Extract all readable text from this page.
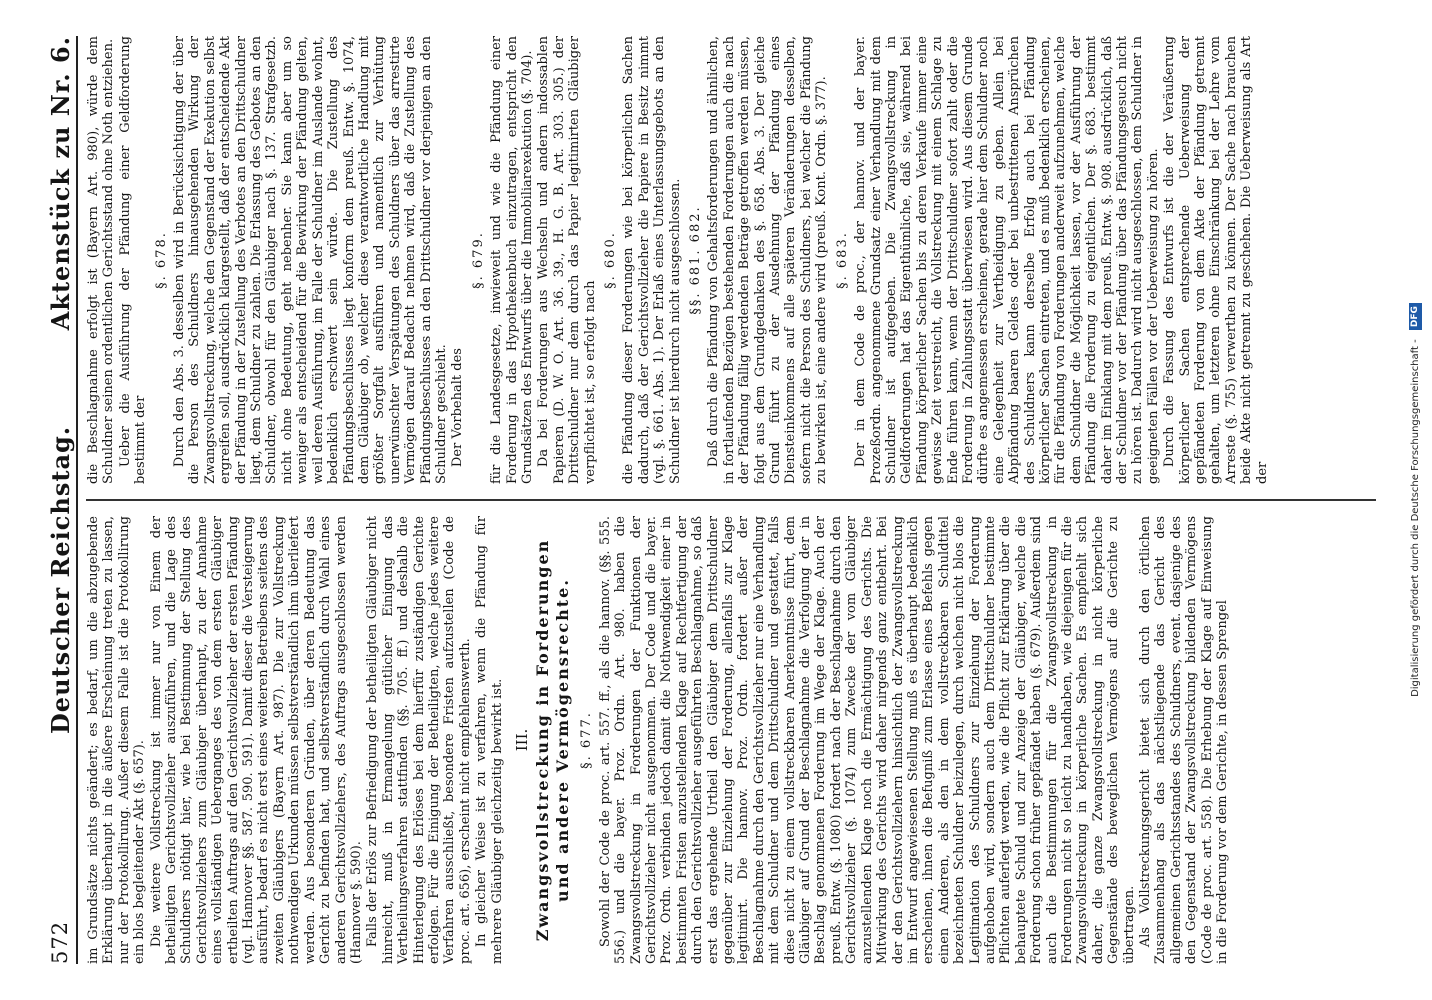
572
Deutscher Reichstag.
Aktenstück zu Nr. 6.

im Grundsätze nichts geändert; es bedarf, um die abzugebende Erklärung überhaupt in die äußere Erscheinung treten zu lassen, nur der Protokollirung. Außer diesem Falle ist die Protokollirung ein blos begleitender Akt (§. 657). Die weitere Vollstreckung ist immer nur von Einem der betheiligten Gerichtsvollzieher auszuführen, und die Lage des Schuldners nöthigt hier, wie bei Bestimmung der Stellung des Gerichtsvollziehers zum Gläubiger überhaupt, zu der Annahme eines vollständigen Ueberganges des von dem ersten Gläubiger ertheilten Auftrags auf den Gerichtsvollzieher der ersten Pfändung (vgl. Hannover §§. 587. 590. 591). Damit dieser die Versteigerung ausführt, bedarf es nicht erst eines weiteren Betreibens seitens des zweiten Gläubigers (Bayern Art. 987). Die zur Vollstreckung nothwendigen Urkunden müssen selbstverständlich ihm überliefert werden. Aus besonderen Gründen, über deren Bedeutung das Gericht zu befinden hat, und selbstverständlich durch Wahl eines anderen Gerichtsvollziehers, des Auftrags ausgeschlossen werden (Hannover §. 590). Falls der Erlös zur Befriedigung der betheiligten Gläubiger nicht hinreicht, muß in Ermangelung gütlicher Einigung das Vertheilungsverfahren stattfinden (§§. 705. ff.) und deshalb die Hinterlegung des Erlöses bei dem hierfür zuständigen Gerichte erfolgen. Für die Einigung der Betheiligten, welche jedes weitere Verfahren ausschließt, besondere Fristen aufzustellen (Code de proc. art. 656), erscheint nicht empfehlenswerth. In gleicher Weise ist zu verfahren, wenn die Pfändung für mehrere Gläubiger gleichzeitig bewirkt ist. III. Zwangsvollstreckung in Forderungen und andere Vermögensrechte. §. 677. Sowohl der Code de proc. art. 557. ff., als die hannov. (§§. 555. 556.) und die bayer. Proz. Ordn. Art. 980. haben die Zwangsvollstreckung in Forderungen der Funktionen der Gerichtsvollzieher nicht ausgenommen. Der Code und die bayer. Proz. Ordn. verbinden jedoch damit die Nothwendigkeit einer in bestimmten Fristen anzustellenden Klage auf Rechtfertigung der durch den Gerichtsvollzieher ausgeführten Beschlagnahme, so daß erst das ergehende Urtheil den Gläubiger dem Drittschuldner gegenüber zur Einziehung der Forderung, allenfalls zur Klage legitimirt. Die hannov. Proz. Ordn. fordert außer der Beschlagnahme durch den Gerichtsvollzieher nur eine Verhandlung mit dem Schuldner und dem Drittschuldner und gestattet, falls diese nicht zu einem vollstreckbaren Anerkenntnisse führt, dem Gläubiger auf Grund der Beschlagnahme die Verfolgung der in Beschlag genommenen Forderung im Wege der Klage. Auch der preuß. Entw. (§. 1080) fordert nach der Beschlagnahme durch den Gerichtsvollzieher (§. 1074) zum Zwecke der vom Gläubiger anzustellenden Klage noch die Ermächtigung des Gerichts. Die Mitwirkung des Gerichts wird daher nirgends ganz entbehrt. Bei der den Gerichtsvollziehern hinsichtlich der Zwangsvollstreckung im Entwurf angewiesenen Stellung muß es überhaupt bedenklich erscheinen, ihnen die Befugniß zum Erlasse eines Befehls gegen einen Anderen, als den in dem vollstreckbaren Schuldtitel bezeichneten Schuldner beizulegen, durch welchen nicht blos die Legitimation des Schuldners zur Einziehung der Forderung aufgehoben wird, sondern auch dem Drittschuldner bestimmte Pflichten auferlegt werden, wie die Pflicht zur Erklärung über die behauptete Schuld und zur Anzeige der Gläubiger, welche die Forderung schon früher gepfändet haben (§. 679). Außerdem sind auch die Bestimmungen für die Zwangsvollstreckung in Forderungen nicht so leicht zu handhaben, wie diejenigen für die Zwangsvollstreckung in körperliche Sachen. Es empfiehlt sich daher, die ganze Zwangsvollstreckung in nicht körperliche Gegenstände des beweglichen Vermögens auf die Gerichte zu übertragen. Als Vollstreckungsgericht bietet sich durch den örtlichen Zusammenhang als das nächstliegende das Gericht des allgemeinen Gerichtsstandes des Schuldners, event. dasjenige des den Gegenstand der Zwangsvollstreckung bildenden Vermögens (Code de proc. art. 558). Die Erhebung der Klage auf Einweisung in die Forderung vor dem Gerichte, in dessen Sprengel

die Beschlagnahme erfolgt ist (Bayern Art. 980), würde dem Schuldner seinen ordentlichen Gerichtsstand ohne Noth entziehen. Ueber die Ausführung der Pfändung einer Geldforderung bestimmt der

§. 678. Durch den Abs. 3. desselben wird in Berücksichtigung der über die Person des Schuldners hinausgehenden Wirkung der Zwangsvollstreckung, welche den Gegenstand der Exekution selbst ergreifen soll, ausdrücklich klargestellt, daß der entscheidende Akt der Pfändung in der Zustellung des Verbotes an den Drittschuldner liegt, dem Schuldner zu zahlen. Die Erlassung des Gebotes an den Schuldner, obwohl für den Gläubiger nach §. 137. Strafgesetzb. nicht ohne Bedeutung, geht nebenher. Sie kann aber um so weniger als entscheidend für die Bewirkung der Pfändung gelten, weil deren Ausführung, im Falle der Schuldner im Auslande wohnt, bedenklich erschwert sein würde. Die Zustellung des Pfändungsbeschlusses liegt konform dem preuß. Entw. §. 1074, dem Gläubiger ob, welcher diese verantwortliche Handlung mit größter Sorgfalt ausführen und namentlich zur Verhütung unerwünschter Verspätungen des Schuldners über das arrestirte Vermögen darauf Bedacht nehmen wird, daß die Zustellung des Pfändungsbeschlusses an den Drittschuldner vor derjenigen an den Schuldner geschieht. Der Vorbehalt des

§. 679. für die Landesgesetze, inwieweit und wie die Pfändung einer Forderung in das Hypothekenbuch einzutragen, entspricht den Grundsätzen des Entwurfs über die Immobiliarexekution (§. 704). Da bei Forderungen aus Wechseln und andern indossablen Papieren (D. W. O. Art. 36. 39., H. G. B. Art. 303. 305.) der Drittschuldner nur dem durch das Papier legitimirten Gläubiger verpflichtet ist, so erfolgt nach

§. 680. die Pfändung dieser Forderungen wie bei körperlichen Sachen dadurch, daß der Gerichtsvollzieher die Papiere in Besitz nimmt (vgl. §. 661. Abs. 1). Der Erlaß eines Unterlassungsgebots an den Schuldner ist hierdurch nicht ausgeschlossen. §§. 681. 682. Daß durch die Pfändung von Gehaltsforderungen und ähnlichen, in fortlaufenden Bezügen bestehenden Forderungen auch die nach der Pfändung fällig werdenden Beträge getroffen werden müssen, folgt aus dem Grundgedanken des §. 658. Abs. 3. Der gleiche Grund führt zu der Ausdehnung der Pfändung eines Diensteinkommens auf alle späteren Veränderungen desselben, sofern nicht die Person des Schuldners, bei welcher die Pfändung zu bewirken ist, eine andere wird (preuß. Kont. Ordn. §. 377). §. 683. Der in dem Code de proc., der hannov. und der bayer. Prozeßordn. angenommene Grundsatz einer Verhandlung mit dem Schuldner ist aufgegeben. Die Zwangsvollstreckung in Geldforderungen hat das Eigenthümliche, daß sie, während bei Pfändung körperlicher Sachen bis zu deren Verkaufe immer eine gewisse Zeit verstreicht, die Vollstreckung mit einem Schlage zu Ende führen kann, wenn der Drittschuldner sofort zahlt oder die Forderung in Zahlungsstatt überwiesen wird. Aus diesem Grunde dürfte es angemessen erscheinen, gerade hier dem Schuldner noch eine Gelegenheit zur Vertheidigung zu geben. Allein bei Abpfändung baaren Geldes oder bei unbestrittenen Ansprüchen des Schuldners kann derselbe Erfolg auch bei Pfändung körperlicher Sachen eintreten, und es muß bedenklich erscheinen, für die Pfändung von Forderungen anderweit aufzunehmen, welche dem Schuldner die Möglichkeit lassen, vor der Ausführung der Pfändung die Forderung zu eigentlichen. Der §. 683. bestimmt daher im Einklang mit dem preuß. Entw. §. 908. ausdrücklich, daß der Schuldner vor der Pfändung über das Pfändungsgesuch nicht zu hören ist. Dadurch wird nicht ausgeschlossen, dem Schuldner in geeigneten Fällen vor der Ueberweisung zu hören. Durch die Fassung des Entwurfs ist die der Veräußerung körperlicher Sachen entsprechende Ueberweisung der gepfändeten Forderung von dem Akte der Pfändung getrennt gehalten, um letzteren ohne Einschränkung bei der Lehre vom Arreste (§. 755) verwerthen zu können. Der Sache nach brauchen beide Akte nicht getrennt zu geschehen. Die Ueberweisung als Art der	Digitalisierung gefördert durch die Deutsche Forschungsgemeinschaft - DFG
